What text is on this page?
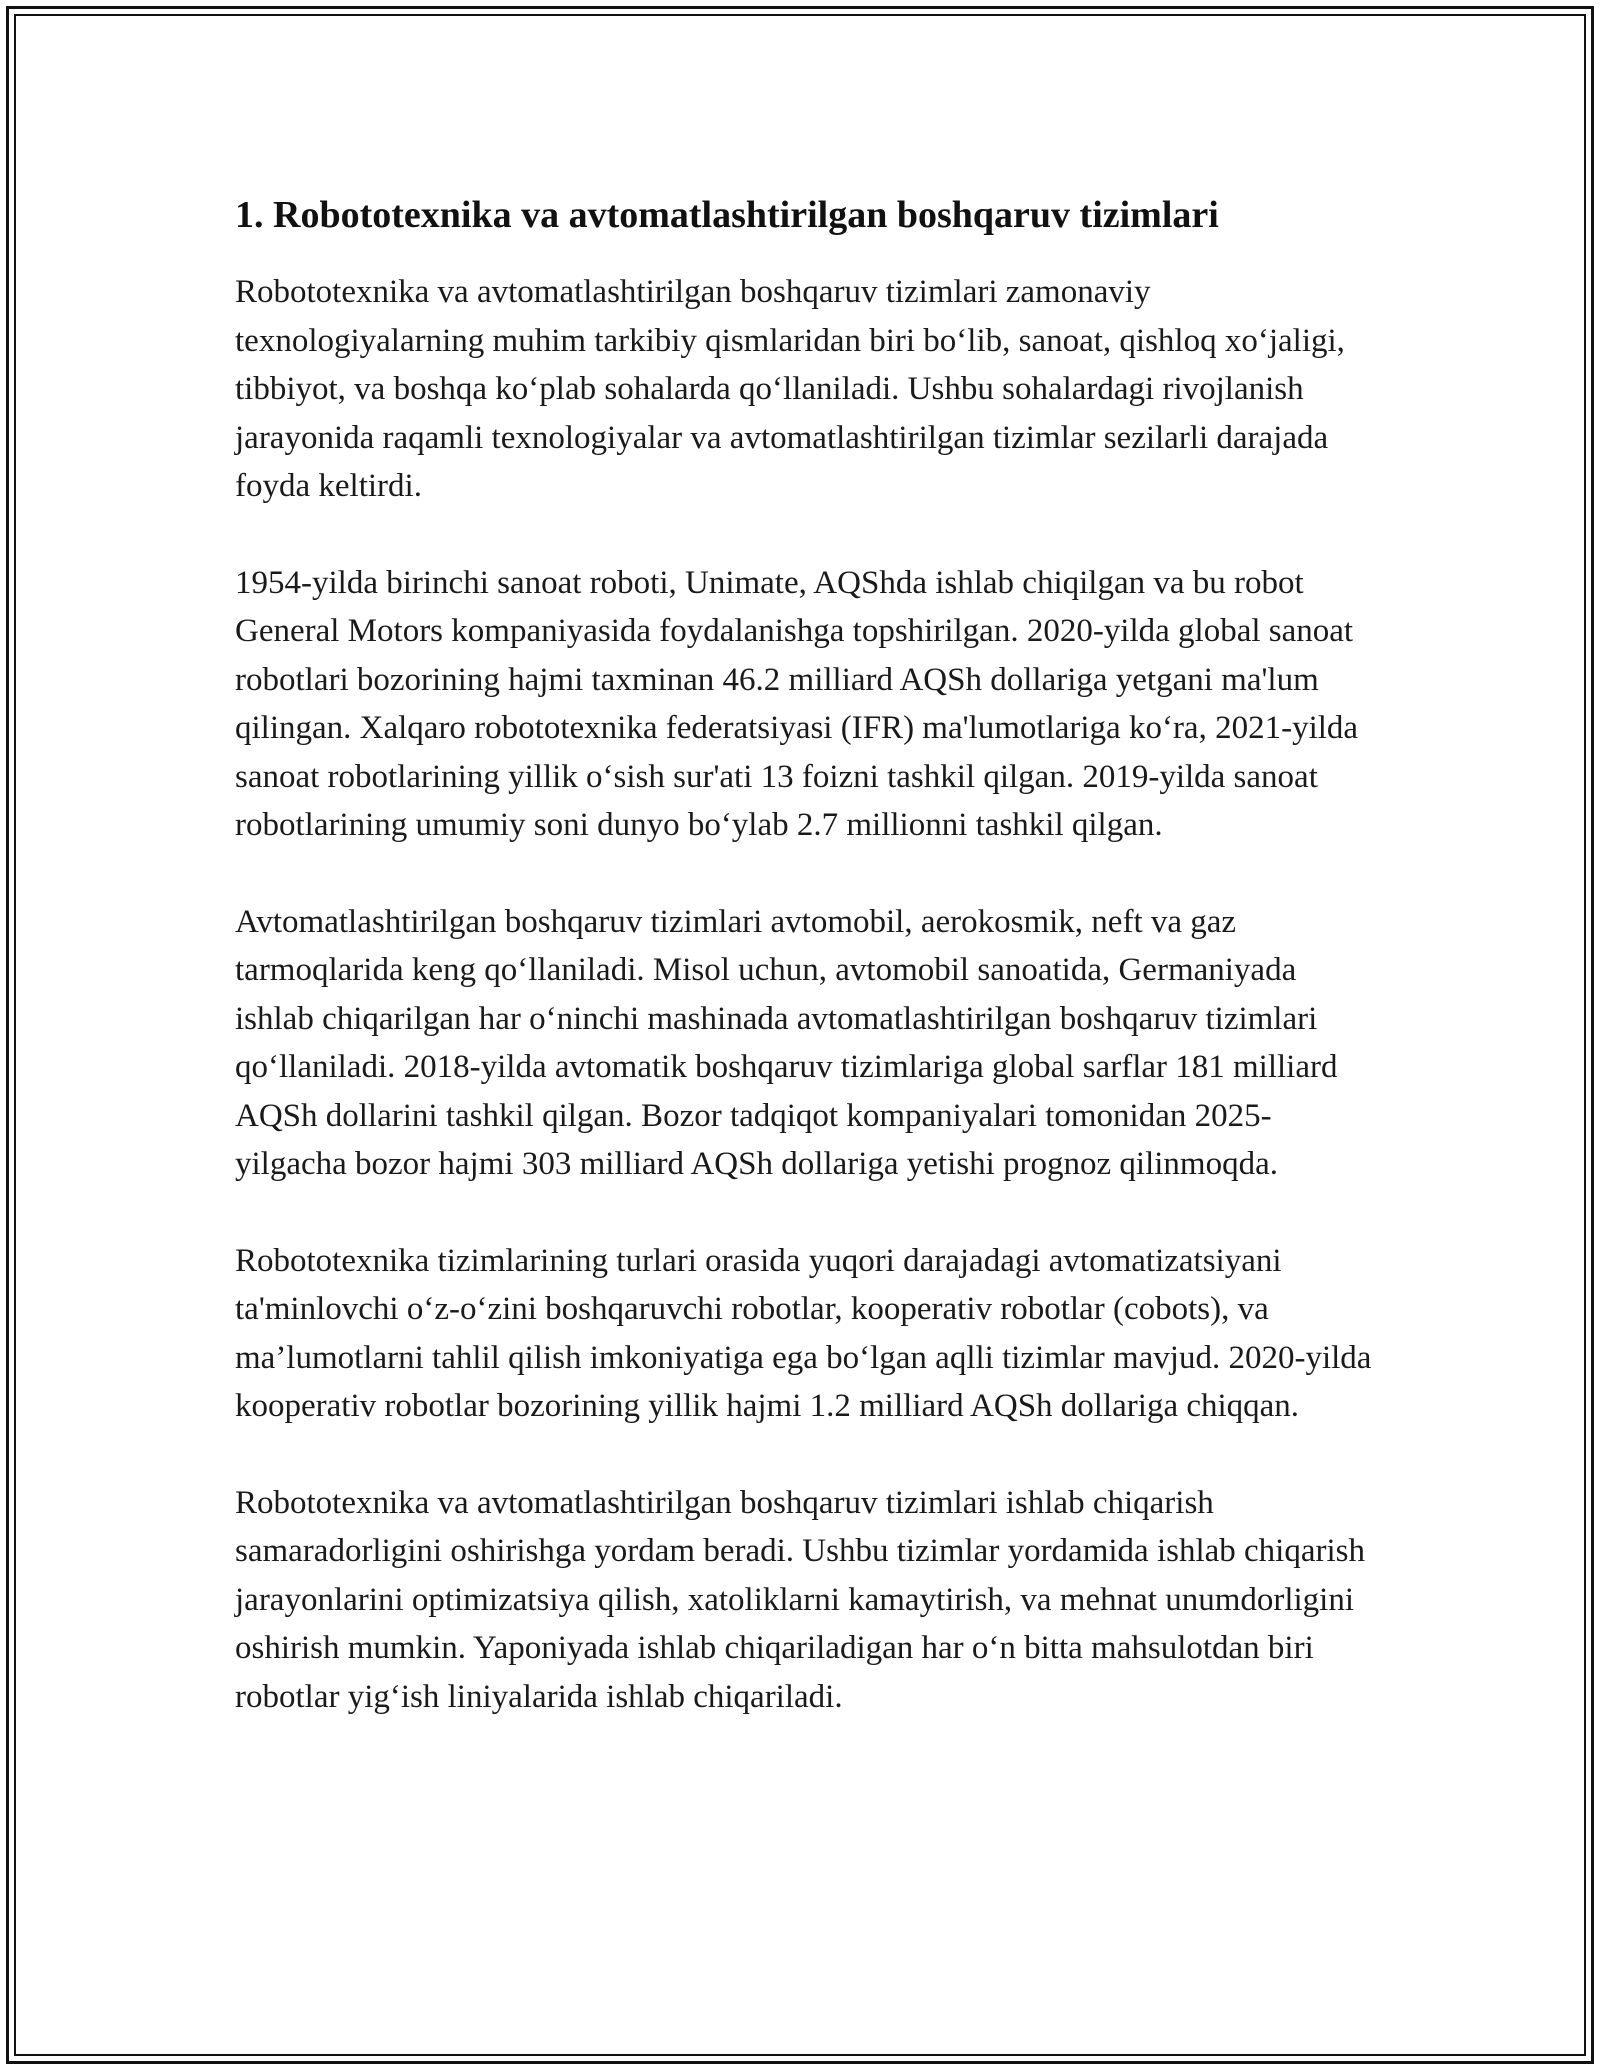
1. Robototexnika va avtomatlashtirilgan boshqaruv tizimlari

Robototexnika va avtomatlashtirilgan boshqaruv tizimlari zamonaviy texnologiyalarning muhim tarkibiy qismlaridan biri bo‘lib, sanoat, qishloq xo‘jaligi, tibbiyot, va boshqa ko‘plab sohalarda qo‘llaniladi. Ushbu sohalardagi rivojlanish jarayonida raqamli texnologiyalar va avtomatlashtirilgan tizimlar sezilarli darajada foyda keltirdi.

1954-yilda birinchi sanoat roboti, Unimate, AQShda ishlab chiqilgan va bu robot General Motors kompaniyasida foydalanishga topshirilgan. 2020-yilda global sanoat robotlari bozorining hajmi taxminan 46.2 milliard AQSh dollariga yetgani ma'lum qilingan. Xalqaro robototexnika federatsiyasi (IFR) ma'lumotlariga ko‘ra, 2021-yilda sanoat robotlarining yillik o‘sish sur'ati 13 foizni tashkil qilgan. 2019-yilda sanoat robotlarining umumiy soni dunyo bo‘ylab 2.7 millionni tashkil qilgan.

Avtomatlashtirilgan boshqaruv tizimlari avtomobil, aerokosmik, neft va gaz tarmoqlarida keng qo‘llaniladi. Misol uchun, avtomobil sanoatida, Germaniyada ishlab chiqarilgan har o‘ninchi mashinada avtomatlashtirilgan boshqaruv tizimlari qo‘llaniladi. 2018-yilda avtomatik boshqaruv tizimlariga global sarflar 181 milliard AQSh dollarini tashkil qilgan. Bozor tadqiqot kompaniyalari tomonidan 2025-yilgacha bozor hajmi 303 milliard AQSh dollariga yetishi prognoz qilinmoqda.

Robototexnika tizimlarining turlari orasida yuqori darajadagi avtomatizatsiyani ta'minlovchi o‘z-o‘zini boshqaruvchi robotlar, kooperativ robotlar (cobots), va ma’lumotlarni tahlil qilish imkoniyatiga ega bo‘lgan aqlli tizimlar mavjud. 2020-yilda kooperativ robotlar bozorining yillik hajmi 1.2 milliard AQSh dollariga chiqqan.

Robototexnika va avtomatlashtirilgan boshqaruv tizimlari ishlab chiqarish samaradorligini oshirishga yordam beradi. Ushbu tizimlar yordamida ishlab chiqarish jarayonlarini optimizatsiya qilish, xatoliklarni kamaytirish, va mehnat unumdorligini oshirish mumkin. Yaponiyada ishlab chiqariladigan har o‘n bitta mahsulotdan biri robotlar yig‘ish liniyalarida ishlab chiqariladi.
